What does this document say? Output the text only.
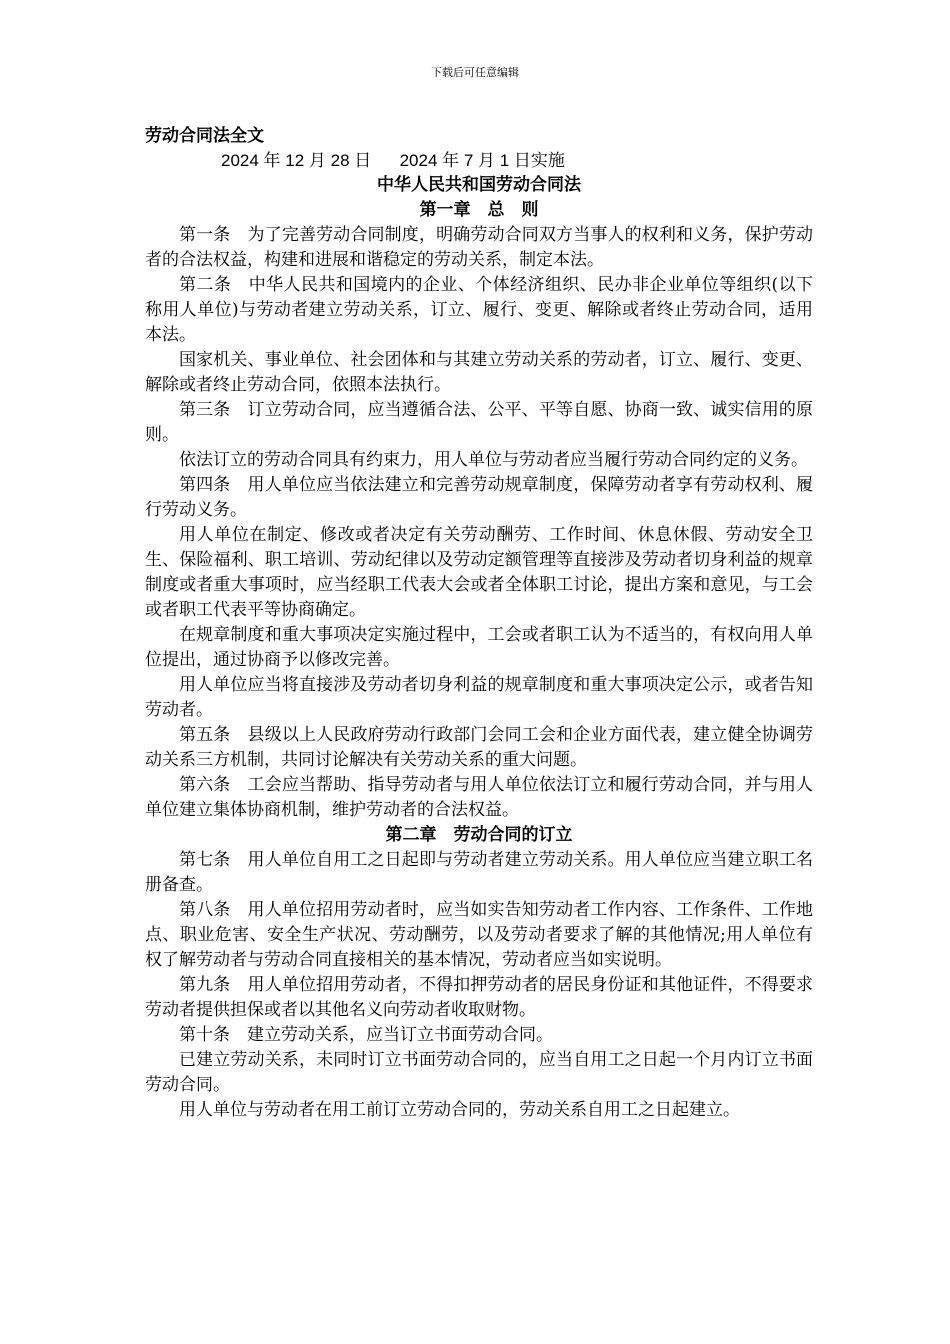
下载后可任意编辑
劳动合同法全文
2024 年 12 月 28 日      2024 年 7 月 1 日实施
中华人民共和国劳动合同法
第一章　总　则

第一条　为了完善劳动合同制度，明确劳动合同双方当事人的权利和义务，保护劳动者的合法权益，构建和进展和谐稳定的劳动关系，制定本法。

第二条　中华人民共和国境内的企业、个体经济组织、民办非企业单位等组织(以下称用人单位)与劳动者建立劳动关系，订立、履行、变更、解除或者终止劳动合同，适用本法。

国家机关、事业单位、社会团体和与其建立劳动关系的劳动者，订立、履行、变更、解除或者终止劳动合同，依照本法执行。

第三条　订立劳动合同，应当遵循合法、公平、平等自愿、协商一致、诚实信用的原则。

依法订立的劳动合同具有约束力，用人单位与劳动者应当履行劳动合同约定的义务。

第四条　用人单位应当依法建立和完善劳动规章制度，保障劳动者享有劳动权利、履行劳动义务。

用人单位在制定、修改或者决定有关劳动酬劳、工作时间、休息休假、劳动安全卫生、保险福利、职工培训、劳动纪律以及劳动定额管理等直接涉及劳动者切身利益的规章制度或者重大事项时，应当经职工代表大会或者全体职工讨论，提出方案和意见，与工会或者职工代表平等协商确定。

在规章制度和重大事项决定实施过程中，工会或者职工认为不适当的，有权向用人单位提出，通过协商予以修改完善。

用人单位应当将直接涉及劳动者切身利益的规章制度和重大事项决定公示，或者告知劳动者。

第五条　县级以上人民政府劳动行政部门会同工会和企业方面代表，建立健全协调劳动关系三方机制，共同讨论解决有关劳动关系的重大问题。

第六条　工会应当帮助、指导劳动者与用人单位依法订立和履行劳动合同，并与用人单位建立集体协商机制，维护劳动者的合法权益。

第二章　劳动合同的订立

第七条　用人单位自用工之日起即与劳动者建立劳动关系。用人单位应当建立职工名册备查。

第八条　用人单位招用劳动者时，应当如实告知劳动者工作内容、工作条件、工作地点、职业危害、安全生产状况、劳动酬劳，以及劳动者要求了解的其他情况;用人单位有权了解劳动者与劳动合同直接相关的基本情况，劳动者应当如实说明。

第九条　用人单位招用劳动者，不得扣押劳动者的居民身份证和其他证件，不得要求劳动者提供担保或者以其他名义向劳动者收取财物。

第十条　建立劳动关系，应当订立书面劳动合同。

已建立劳动关系，未同时订立书面劳动合同的，应当自用工之日起一个月内订立书面劳动合同。

用人单位与劳动者在用工前订立劳动合同的，劳动关系自用工之日起建立。
